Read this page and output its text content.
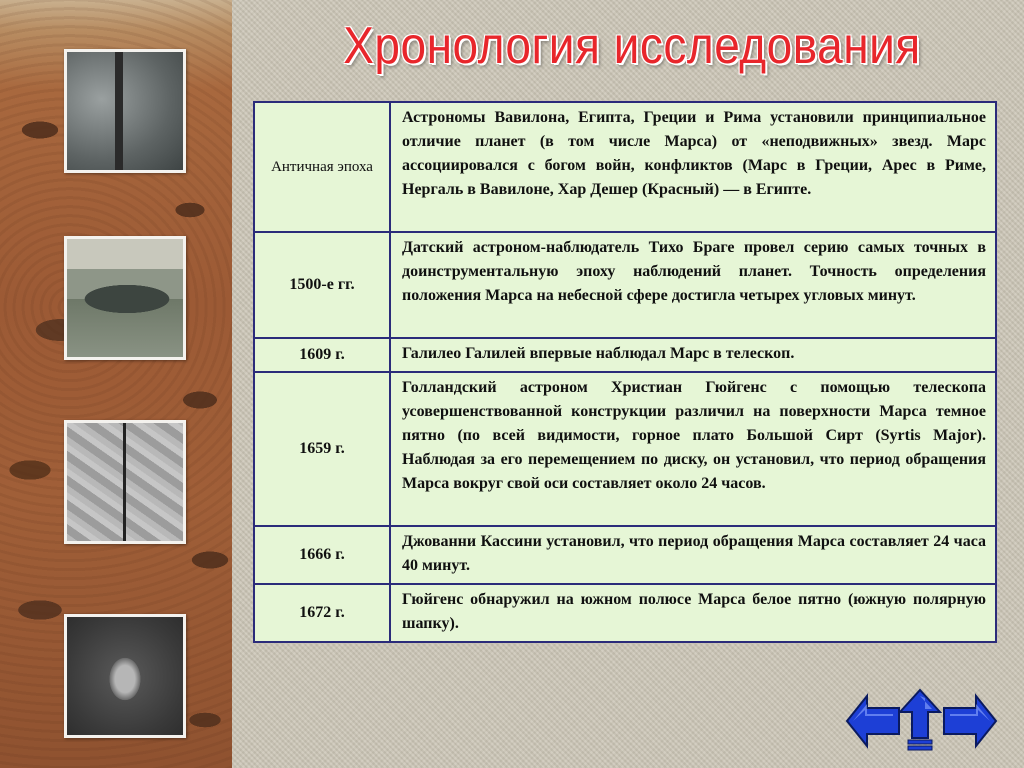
Хронология исследования
Античная эпоха	Астрономы Вавилона, Египта, Греции и Рима установили принципиальное отличие планет (в том числе Марса) от «неподвижных» звезд. Марс ассоциировался с богом войн, конфликтов (Марс в Греции, Арес в Риме, Нергаль в Вавилоне, Хар Дешер (Красный) — в Египте.
1500-е гг.	Датский астроном-наблюдатель Тихо Браге провел серию самых точных в доинструментальную эпоху наблюдений планет. Точность определения положения Марса на небесной сфере достигла четырех угловых минут.
1609 г.	Галилео Галилей впервые наблюдал Марс в телескоп.
1659 г.	Голландский астроном Христиан Гюйгенс с помощью телескопа усовершенствованной конструкции различил на поверхности Марса темное пятно (по всей видимости, горное плато Большой Сирт (Syrtis Major). Наблюдая за его перемещением по диску, он установил, что период обращения Марса вокруг свой оси составляет около 24 часов.
1666 г.	Джованни Кассини установил, что период обращения Марса составляет 24 часа 40 минут.
1672 г.	Гюйгенс обнаружил на южном полюсе Марса белое пятно (южную полярную шапку).
